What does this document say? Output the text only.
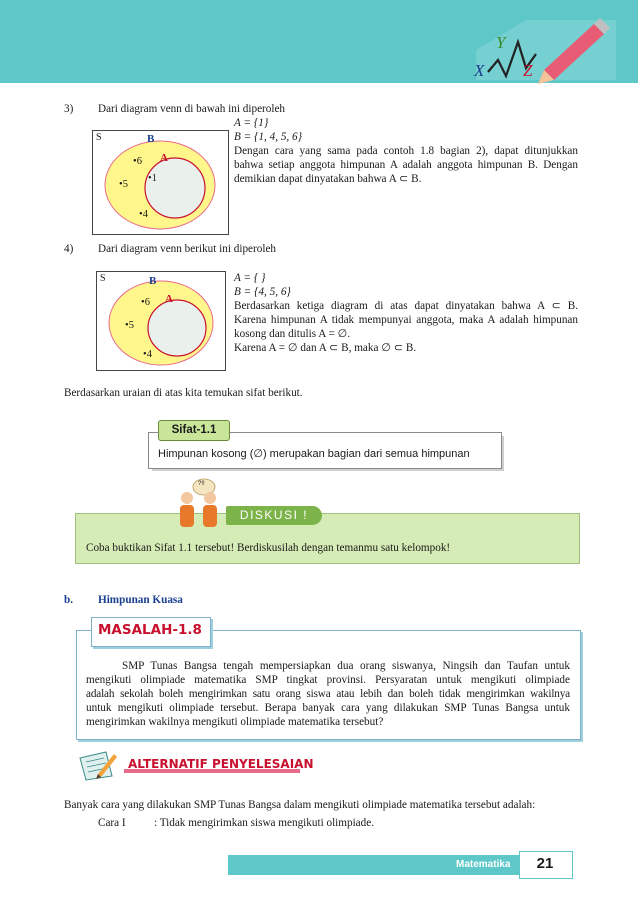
X
Y
Z
3) Dari diagram venn di bawah ini diperoleh
S	B
A
•6
•5
•4
•1
A = {1}
B = {1, 4, 5, 6}
Dengan cara yang sama pada contoh 1.8 bagian 2), dapat ditunjukkan
bahwa setiap anggota himpunan A adalah anggota himpunan B. Dengan
demikian dapat dinyatakan bahwa A ⊂ B.
4) Dari diagram venn berikut ini diperoleh
S	B
A
•6
•5
•4
A = { }
B = {4, 5, 6}
Berdasarkan ketiga diagram di atas dapat dinyatakan bahwa A ⊂ B.
Karena himpunan A tidak mempunyai anggota, maka A adalah himpunan
kosong dan ditulis A = ∅.
Karena A = ∅ dan A ⊂ B, maka ∅ ⊂ B.
Berdasarkan uraian di atas kita temukan sifat berikut.
Sifat-1.1
Himpunan kosong (∅) merupakan bagian dari semua himpunan
?!!
DISKUSI !
Coba buktikan Sifat 1.1 tersebut! Berdiskusilah dengan temanmu satu kelompok!
b. Himpunan Kuasa
MASALAH-1.8
SMP Tunas Bangsa tengah mempersiapkan dua orang siswanya, Ningsih dan Taufan untuk
mengikuti olimpiade matematika SMP tingkat provinsi. Persyaratan untuk mengikuti olimpiade
adalah sekolah boleh mengirimkan satu orang siswa atau lebih dan boleh tidak mengirimkan wakilnya
untuk mengikuti olimpiade tersebut. Berapa banyak cara yang dilakukan SMP Tunas Bangsa untuk
mengirimkan wakilnya mengikuti olimpiade matematika tersebut?
ALTERNATIF PENYELESAIAN
Banyak cara yang dilakukan SMP Tunas Bangsa dalam mengikuti olimpiade matematika tersebut adalah:
Cara I	: Tidak mengirimkan siswa mengikuti olimpiade.
Matematika	21
